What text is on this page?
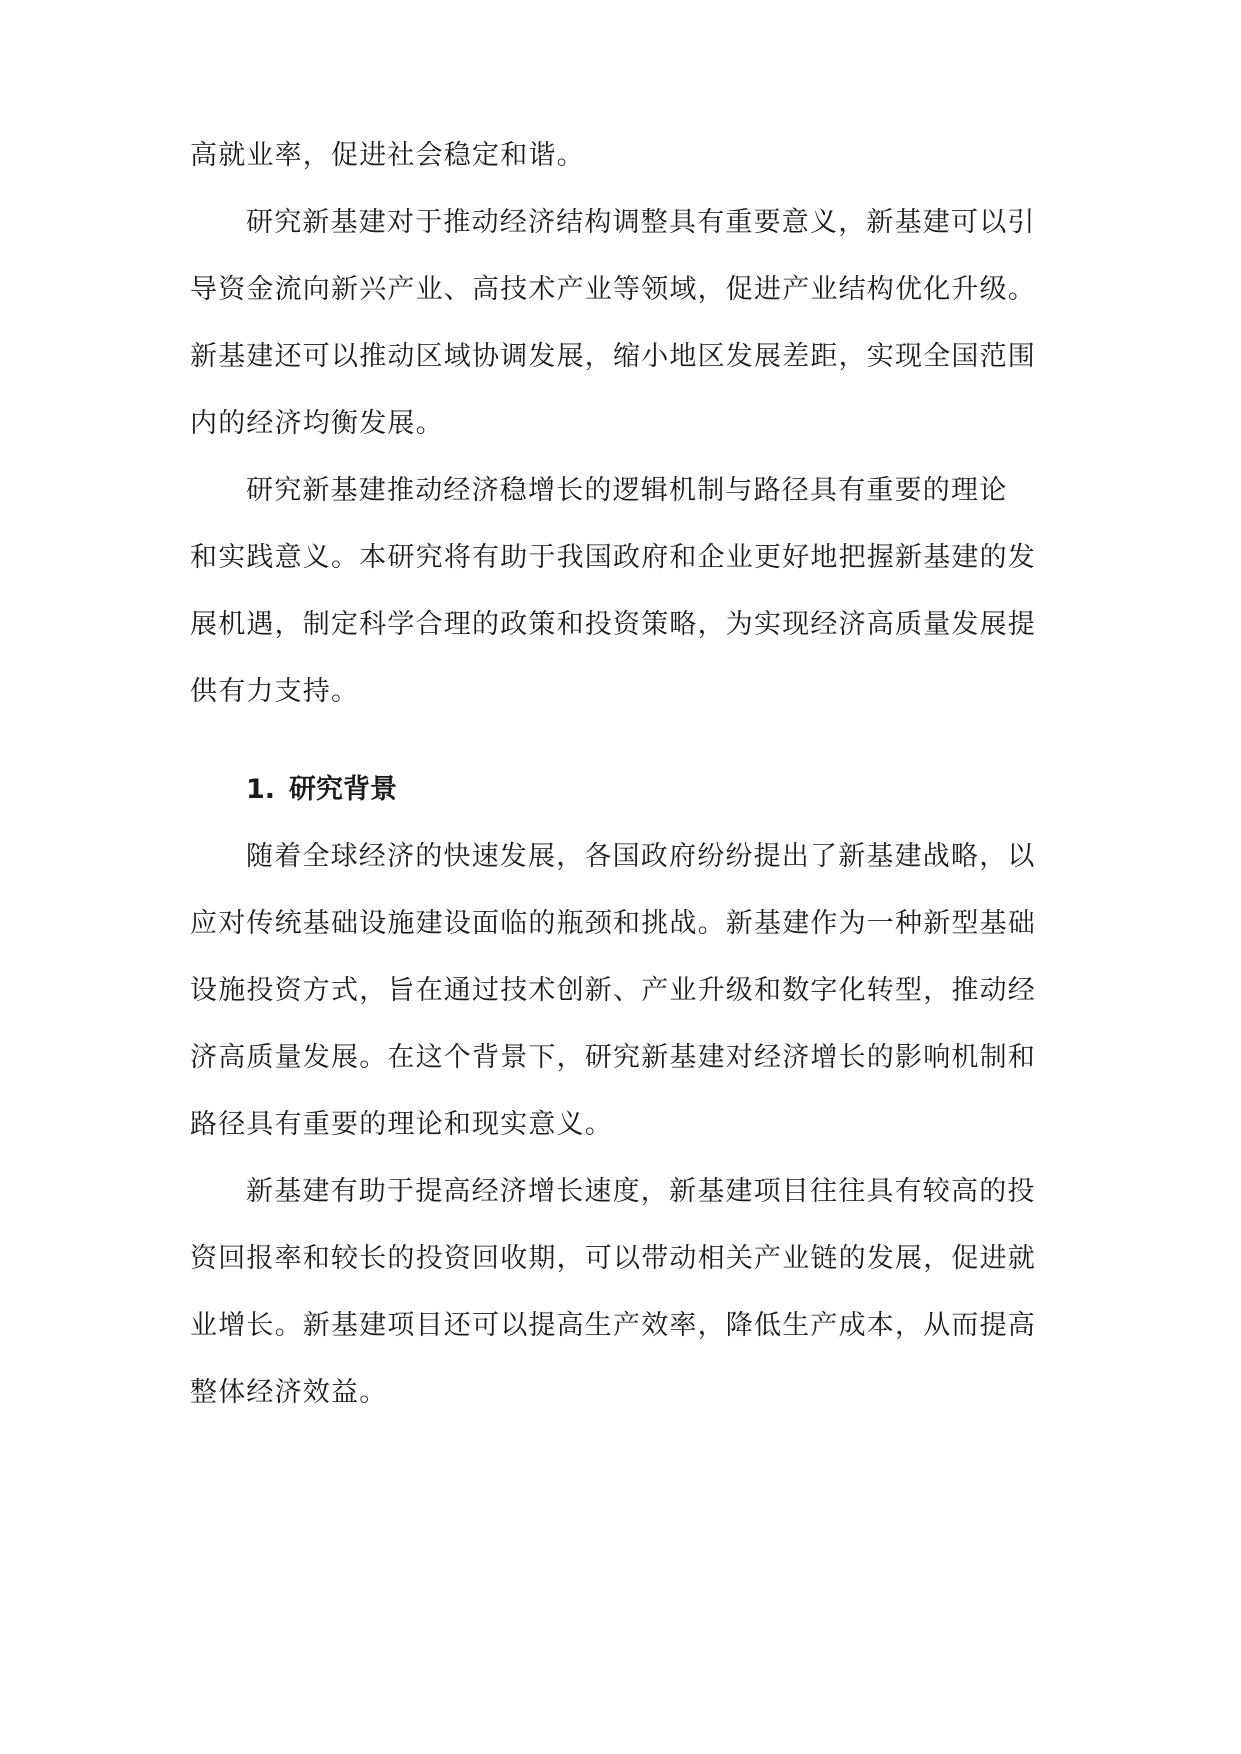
高就业率，促进社会稳定和谐。
研究新基建对于推动经济结构调整具有重要意义，新基建可以引
导资金流向新兴产业、高技术产业等领域，促进产业结构优化升级。
新基建还可以推动区域协调发展，缩小地区发展差距，实现全国范围
内的经济均衡发展。
研究新基建推动经济稳增长的逻辑机制与路径具有重要的理论
和实践意义。本研究将有助于我国政府和企业更好地把握新基建的发
展机遇，制定科学合理的政策和投资策略，为实现经济高质量发展提
供有力支持。
1. 研究背景
随着全球经济的快速发展，各国政府纷纷提出了新基建战略，以
应对传统基础设施建设面临的瓶颈和挑战。新基建作为一种新型基础
设施投资方式，旨在通过技术创新、产业升级和数字化转型，推动经
济高质量发展。在这个背景下，研究新基建对经济增长的影响机制和
路径具有重要的理论和现实意义。
新基建有助于提高经济增长速度，新基建项目往往具有较高的投
资回报率和较长的投资回收期，可以带动相关产业链的发展，促进就
业增长。新基建项目还可以提高生产效率，降低生产成本，从而提高
整体经济效益。
